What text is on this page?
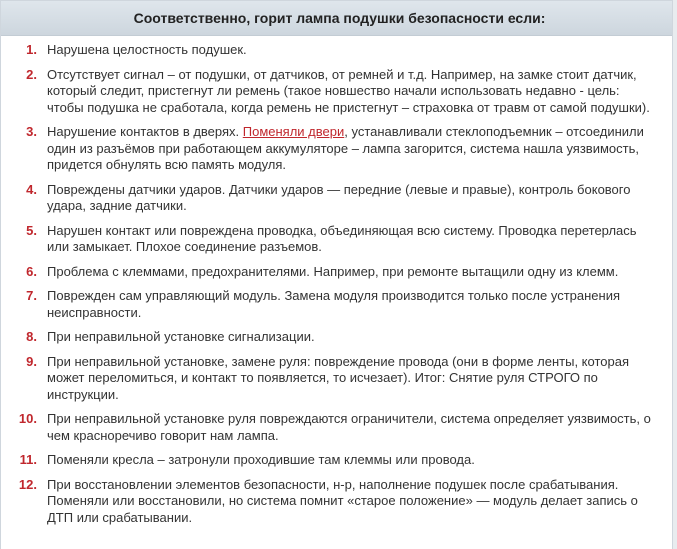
Соответственно, горит лампа подушки безопасности если:
1. Нарушена целостность подушек.
2. Отсутствует сигнал – от подушки, от датчиков, от ремней и т.д. Например, на замке стоит датчик, который следит, пристегнут ли ремень (такое новшество начали использовать недавно - цель: чтобы подушка не сработала, когда ремень не пристегнут – страховка от травм от самой подушки).
3. Нарушение контактов в дверях. Поменяли двери, устанавливали стеклоподъемник – отсоединили один из разъёмов при работающем аккумуляторе – лампа загорится, система нашла уязвимость, придется обнулять всю память модуля.
4. Повреждены датчики ударов. Датчики ударов — передние (левые и правые), контроль бокового удара, задние датчики.
5. Нарушен контакт или повреждена проводка, объединяющая всю систему. Проводка перетерлась или замыкает. Плохое соединение разъемов.
6. Проблема с клеммами, предохранителями. Например, при ремонте вытащили одну из клемм.
7. Поврежден сам управляющий модуль. Замена модуля производится только после устранения неисправности.
8. При неправильной установке сигнализации.
9. При неправильной установке, замене руля: повреждение провода (они в форме ленты, которая может переломиться, и контакт то появляется, то исчезает). Итог: Снятие руля СТРОГО по инструкции.
10. При неправильной установке руля повреждаются ограничители, система определяет уязвимость, о чем красноречиво говорит нам лампа.
11. Поменяли кресла – затронули проходившие там клеммы или провода.
12. При восстановлении элементов безопасности, н-р, наполнение подушек после срабатывания. Поменяли или восстановили, но система помнит «старое положение» — модуль делает запись о ДТП или срабатывании.
